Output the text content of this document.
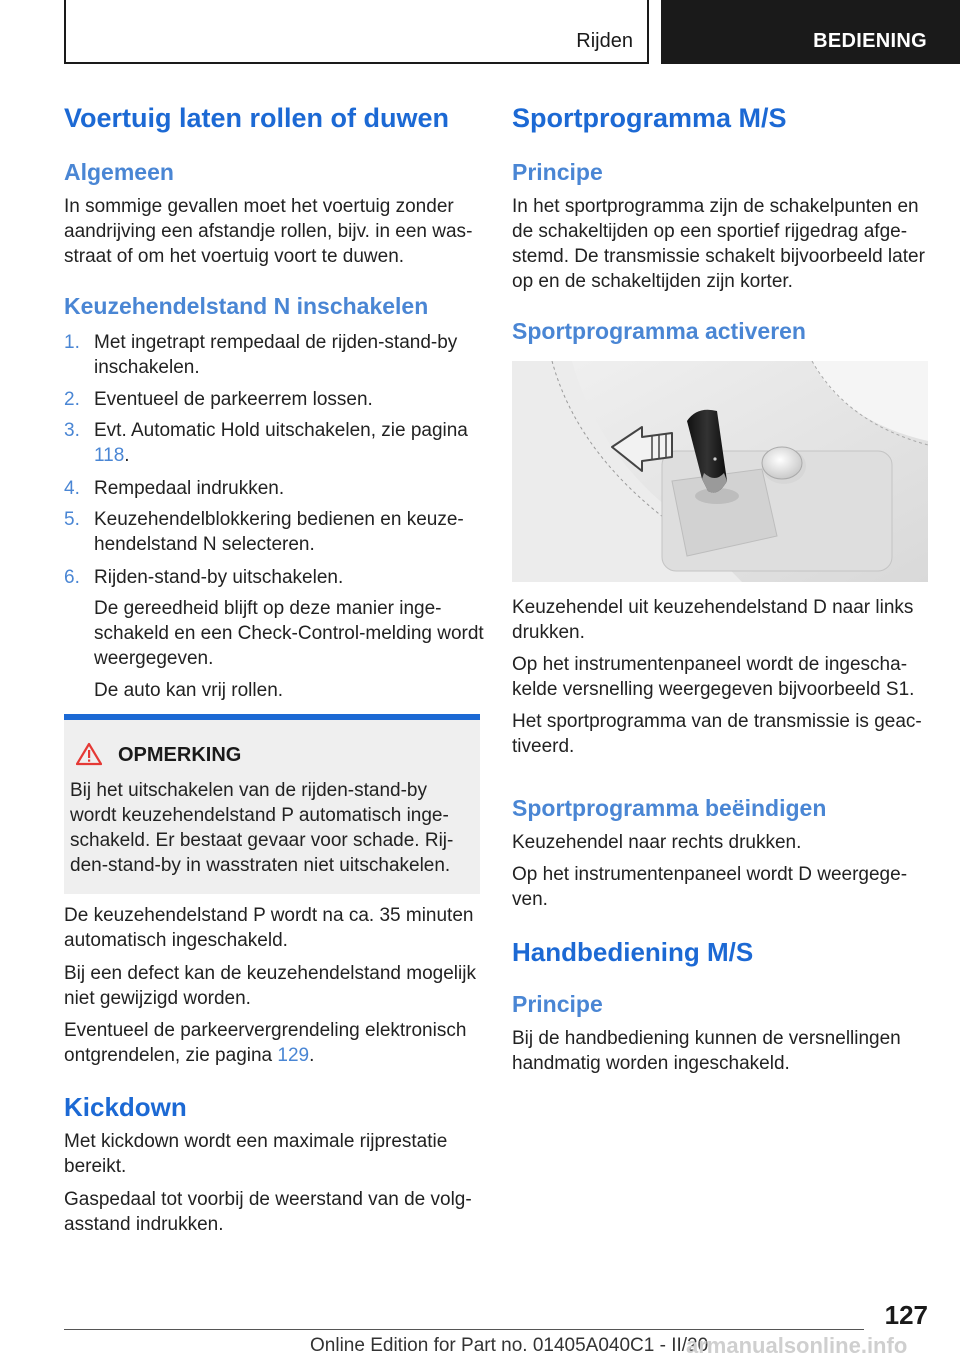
Rijden	BEDIENING
Voertuig laten rollen of duwen
Algemeen
In sommige gevallen moet het voertuig zonder aandrijving een afstandje rollen, bijv. in een wasstraat of om het voertuig voort te duwen.
Keuzehendelstand N inschakelen
1. Met ingetrapt rempedaal de rijden-stand-by inschakelen.
2. Eventueel de parkeerrem lossen.
3. Evt. Automatic Hold uitschakelen, zie pagina 118.
4. Rempedaal indrukken.
5. Keuzehendelblokkering bedienen en keuzehendelstand N selecteren.
6. Rijden-stand-by uitschakelen.
De gereedheid blijft op deze manier ingeschakeld en een Check-Control-melding wordt weergegeven.
De auto kan vrij rollen.
OPMERKING
Bij het uitschakelen van de rijden-stand-by wordt keuzehendelstand P automatisch ingeschakeld. Er bestaat gevaar voor schade. Rijden-stand-by in wasstraten niet uitschakelen.
De keuzehendelstand P wordt na ca. 35 minuten automatisch ingeschakeld.
Bij een defect kan de keuzehendelstand mogelijk niet gewijzigd worden.
Eventueel de parkeervergrendeling elektronisch ontgrendelen, zie pagina 129.
Kickdown
Met kickdown wordt een maximale rijprestatie bereikt.
Gaspedaal tot voorbij de weerstand van de volgasstand indrukken.
Sportprogramma M/S
Principe
In het sportprogramma zijn de schakelpunten en de schakeltijden op een sportief rijgedrag afgestemd. De transmissie schakelt bijvoorbeeld later op en de schakeltijden zijn korter.
Sportprogramma activeren
Keuzehendel uit keuzehendelstand D naar links drukken.
Op het instrumentenpaneel wordt de ingeschakelde versnelling weergegeven bijvoorbeeld S1.
Het sportprogramma van de transmissie is geactiveerd.
Sportprogramma beëindigen
Keuzehendel naar rechts drukken.
Op het instrumentenpaneel wordt D weergegeven.
Handbediening M/S
Principe
Bij de handbediening kunnen de versnellingen handmatig worden ingeschakeld.
127
Online Edition for Part no. 01405A040C1 - II/20
armanualsonline.info
